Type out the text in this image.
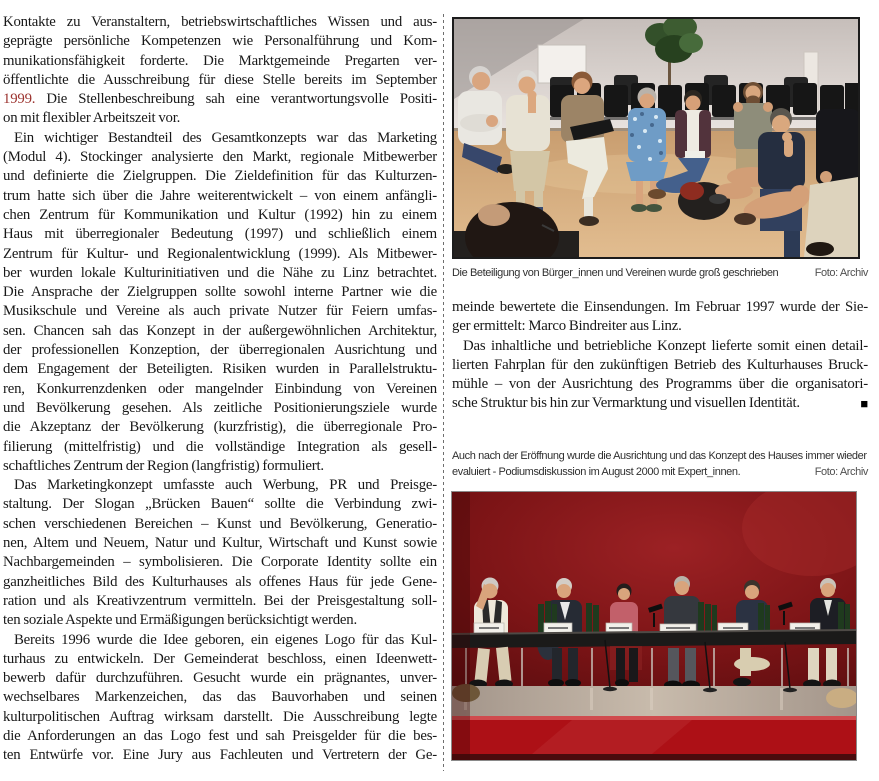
Kontakte zu Veranstaltern, betriebswirtschaftliches Wissen und aus-
geprägte persönliche Kompetenzen wie Personalführung und Kom-
munikationsfähigkeit forderte. Die Marktgemeinde Pregarten ver-
öffentlichte die Ausschreibung für diese Stelle bereits im September
1999. Die Stellenbeschreibung sah eine verantwortungsvolle Positi-
on mit flexibler Arbeitszeit vor.
Ein wichtiger Bestandteil des Gesamtkonzepts war das Marketing
(Modul 4). Stockinger analysierte den Markt, regionale Mitbewerber
und definierte die Zielgruppen. Die Zieldefinition für das Kulturzen-
trum hatte sich über die Jahre weiterentwickelt – von einem anfängli-
chen Zentrum für Kommunikation und Kultur (1992) hin zu einem
Haus mit überregionaler Bedeutung (1997) und schließlich einem
Zentrum für Kultur- und Regionalentwicklung (1999). Als Mitbewer-
ber wurden lokale Kulturinitiativen und die Nähe zu Linz betrachtet.
Die Ansprache der Zielgruppen sollte sowohl interne Partner wie die
Musikschule und Vereine als auch private Nutzer für Feiern umfas-
sen. Chancen sah das Konzept in der außergewöhnlichen Architektur,
der professionellen Konzeption, der überregionalen Ausrichtung und
dem Engagement der Beteiligten. Risiken wurden in Parallelstruktu-
ren, Konkurrenzdenken oder mangelnder Einbindung von Vereinen
und Bevölkerung gesehen. Als zeitliche Positionierungsziele wurde
die Akzeptanz der Bevölkerung (kurzfristig), die überregionale Pro-
filierung (mittelfristig) und die vollständige Integration als gesell-
schaftliches Zentrum der Region (langfristig) formuliert.
Das Marketingkonzept umfasste auch Werbung, PR und Preisge-
staltung. Der Slogan „Brücken Bauen“ sollte die Verbindung zwi-
schen verschiedenen Bereichen – Kunst und Bevölkerung, Generatio-
nen, Altem und Neuem, Natur und Kultur, Wirtschaft und Kunst sowie
Nachbargemeinden – symbolisieren. Die Corporate Identity sollte ein
ganzheitliches Bild des Kulturhauses als offenes Haus für jede Gene-
ration und als Kreativzentrum vermitteln. Bei der Preisgestaltung soll-
ten soziale Aspekte und Ermäßigungen berücksichtigt werden.
Bereits 1996 wurde die Idee geboren, ein eigenes Logo für das Kul-
turhaus zu entwickeln. Der Gemeinderat beschloss, einen Ideenwett-
bewerb dafür durchzuführen. Gesucht wurde ein prägnantes, unver-
wechselbares Markenzeichen, das das Bauvorhaben und seinen
kulturpolitischen Auftrag wirksam darstellt. Die Ausschreibung legte
die Anforderungen an das Logo fest und sah Preisgelder für die bes-
ten Entwürfe vor. Eine Jury aus Fachleuten und Vertretern der Ge-
Die Beteiligung von Bürger_innen und Vereinen wurde groß geschrieben	Foto: Archiv
meinde bewertete die Einsendungen. Im Februar 1997 wurde der Sie-
ger ermittelt: Marco Bindreiter aus Linz.
Das inhaltliche und betriebliche Konzept lieferte somit einen detail-
lierten Fahrplan für den zukünftigen Betrieb des Kulturhauses Bruck-
mühle – von der Ausrichtung des Programms über die organisatori-
■
sche Struktur bis hin zur Vermarktung und visuellen Identität.
Auch nach der Eröffnung wurde die Ausrichtung und das Konzept des Hauses immer wieder
evaluiert - Podiumsdiskussion im August 2000 mit Expert_innen.	Foto: Archiv
